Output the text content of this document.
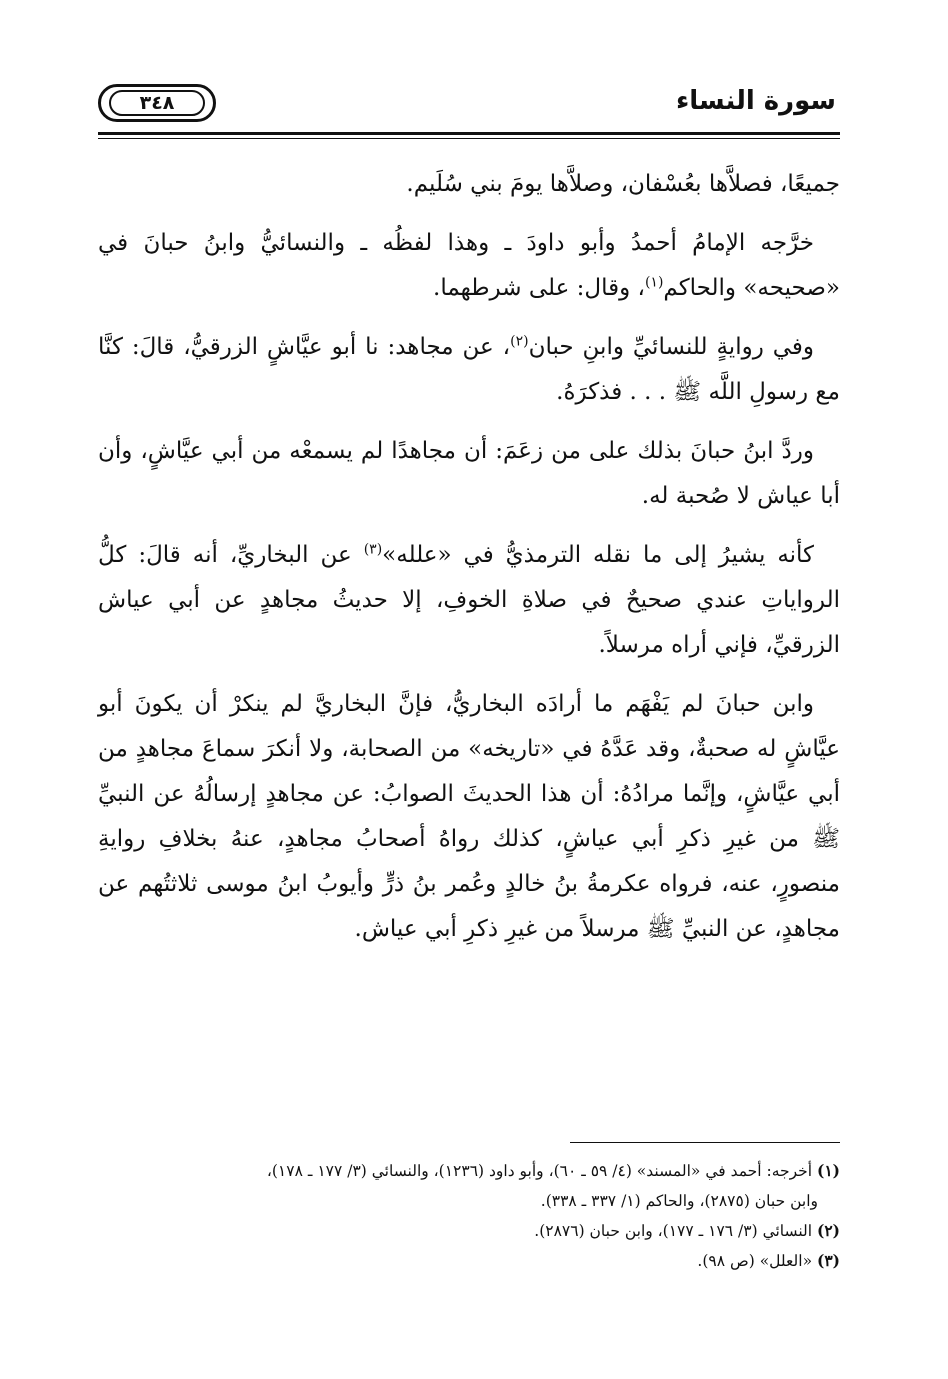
سورة النساء
٣٤٨

جميعًا، فصلاَّها بعُسْفان، وصلاَّها يومَ بني سُلَيم.

خرَّجه الإمامُ أحمدُ وأبو داودَ ـ وهذا لفظُه ـ والنسائيُّ وابنُ حبانَ في «صحيحه» والحاكم$^{(١)}$، وقال: على شرطهما.

وفي روايةٍ للنسائيِّ وابنِ حبان$^{(٢)}$، عن مجاهد: نا أبو عيَّاشٍ الزرقيُّ، قالَ: كنَّا مع رسولِ اللَّه ﷺ . . . فذكرَهُ.

وردَّ ابنُ حبانَ بذلك على من زعَمَ: أن مجاهدًا لم يسمعْه من أبي عيَّاشٍ، وأن أبا عياش لا صُحبة له.

كأنه يشيرُ إلى ما نقله الترمذيُّ في «علله»$^{(٣)}$ عن البخاريِّ، أنه قالَ: كلُّ الرواياتِ عندي صحيحٌ في صلاةِ الخوفِ، إلا حديثُ مجاهدٍ عن أبي عياش الزرقيِّ، فإني أراه مرسلاً.

وابن حبانَ لم يَفْهَم ما أرادَه البخاريُّ، فإنَّ البخاريَّ لم ينكرْ أن يكونَ أبو عيَّاشٍ له صحبةٌ، وقد عَدَّهُ في «تاريخه» من الصحابة، ولا أنكرَ سماعَ مجاهدٍ من أبي عيَّاشٍ، وإنَّما مرادُهُ: أن هذا الحديثَ الصوابُ: عن مجاهدٍ إرسالُهُ عن النبيِّ ﷺ من غيرِ ذكرِ أبي عياشٍ، كذلك رواهُ أصحابُ مجاهدٍ، عنهُ بخلافِ روايةِ منصورٍ، عنه، فرواه عكرمةُ بنُ خالدٍ وعُمر بنُ ذرٍّ وأيوبُ ابنُ موسى ثلاثتُهم عن مجاهدٍ، عن النبيِّ ﷺ مرسلاً من غيرِ ذكرِ أبي عياش.

(١) أخرجه: أحمد في «المسند» (٤/ ٥٩ ـ ٦٠)، وأبو داود (١٢٣٦)، والنسائي (٣/ ١٧٧ ـ ١٧٨)،

وابن حبان (٢٨٧٥)، والحاكم (١/ ٣٣٧ ـ ٣٣٨).

(٢) النسائي (٣/ ١٧٦ ـ ١٧٧)، وابن حبان (٢٨٧٦).

(٣) «العلل» (ص ٩٨).
